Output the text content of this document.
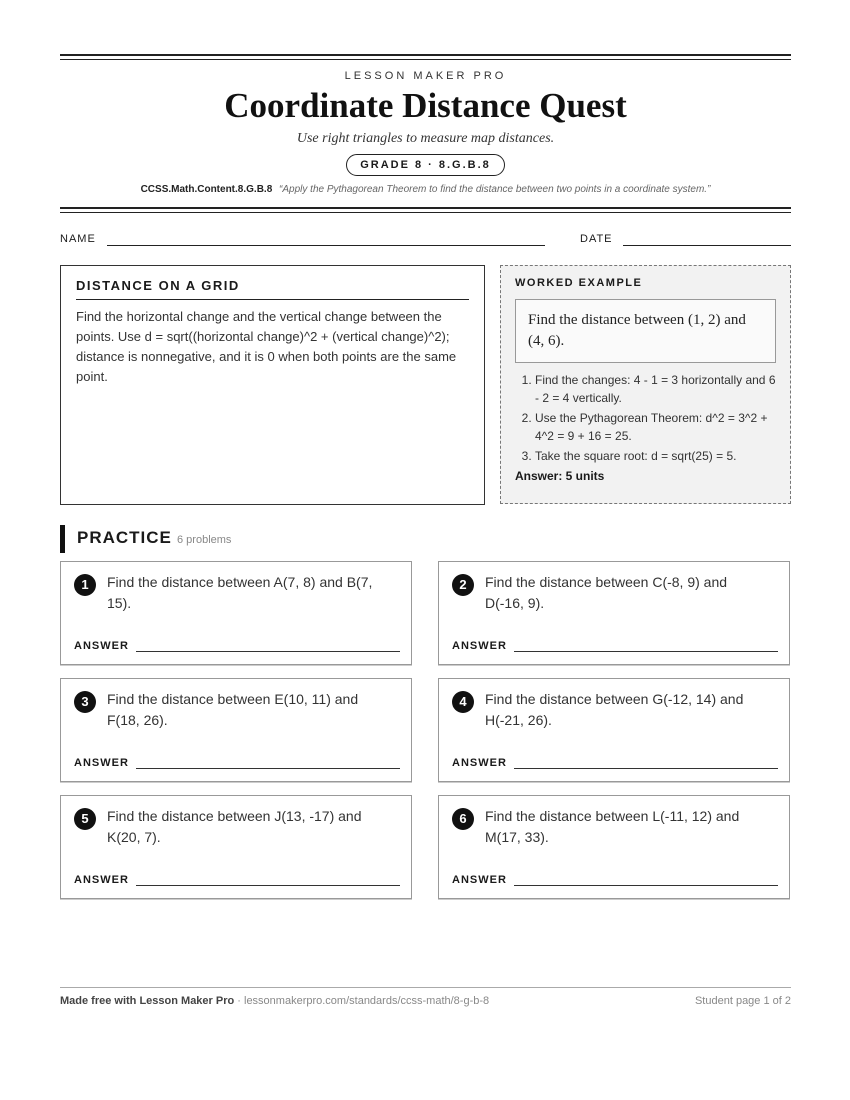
LESSON MAKER PRO
Coordinate Distance Quest
Use right triangles to measure map distances.
GRADE 8 · 8.G.B.8
CCSS.Math.Content.8.G.B.8 “Apply the Pythagorean Theorem to find the distance between two points in a coordinate system.”
NAME	DATE
DISTANCE ON A GRID
Find the horizontal change and the vertical change between the points. Use d = sqrt((horizontal change)^2 + (vertical change)^2); distance is nonnegative, and it is 0 when both points are the same point.
WORKED EXAMPLE
Find the distance between (1, 2) and (4, 6).
1. Find the changes: 4 - 1 = 3 horizontally and 6 - 2 = 4 vertically.
2. Use the Pythagorean Theorem: d^2 = 3^2 + 4^2 = 9 + 16 = 25.
3. Take the square root: d = sqrt(25) = 5.
Answer: 5 units
PRACTICE 6 problems
1	Find the distance between A(7, 8) and B(7, 15).
ANSWER
2	Find the distance between C(-8, 9) and D(-16, 9).
ANSWER
3	Find the distance between E(10, 11) and F(18, 26).
ANSWER
4	Find the distance between G(-12, 14) and H(-21, 26).
ANSWER
5	Find the distance between J(13, -17) and K(20, 7).
ANSWER
6	Find the distance between L(-11, 12) and M(17, 33).
ANSWER
Made free with Lesson Maker Pro · lessonmakerpro.com/standards/ccss-math/8-g-b-8	Student page 1 of 2
